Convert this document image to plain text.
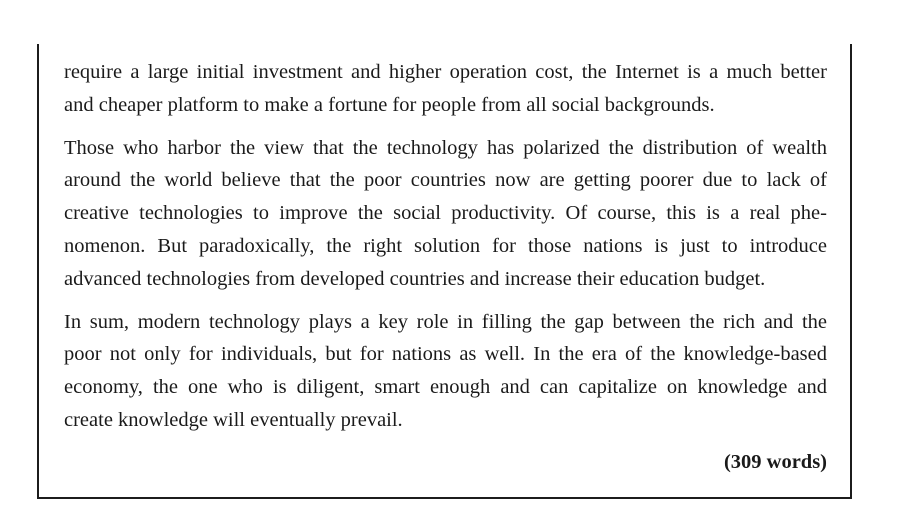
require a large initial investment and higher operation cost, the Internet is a much better
and cheaper platform to make a fortune for people from all social backgrounds.

Those who harbor the view that the technology has polarized the distribution of wealth
around the world believe that the poor countries now are getting poorer due to lack of
creative technologies to improve the social productivity. Of course, this is a real phe-
nomenon. But paradoxically, the right solution for those nations is just to introduce
advanced technologies from developed countries and increase their education budget.

In sum, modern technology plays a key role in filling the gap between the rich and the
poor not only for individuals, but for nations as well. In the era of the knowledge-based
economy, the one who is diligent, smart enough and can capitalize on knowledge and
create knowledge will eventually prevail.

(309 words)
